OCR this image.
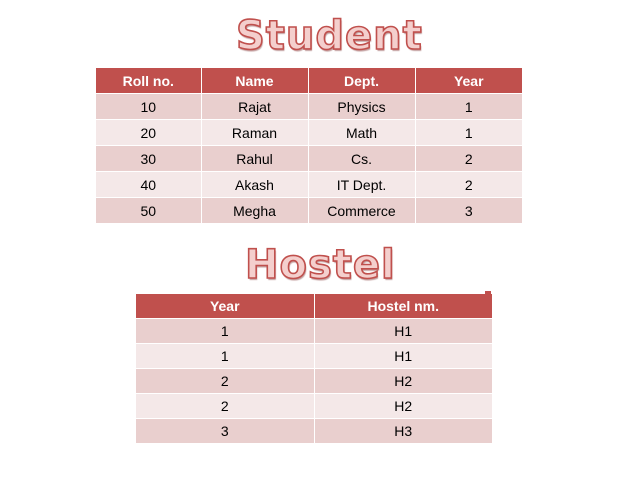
Student
Roll no.	Name	Dept.	Year
10	Rajat	Physics	1
20	Raman	Math	1
30	Rahul	Cs.	2
40	Akash	IT Dept.	2
50	Megha	Commerce	3
Hostel
Year	Hostel nm.
1	H1
1	H1
2	H2
2	H2
3	H3
